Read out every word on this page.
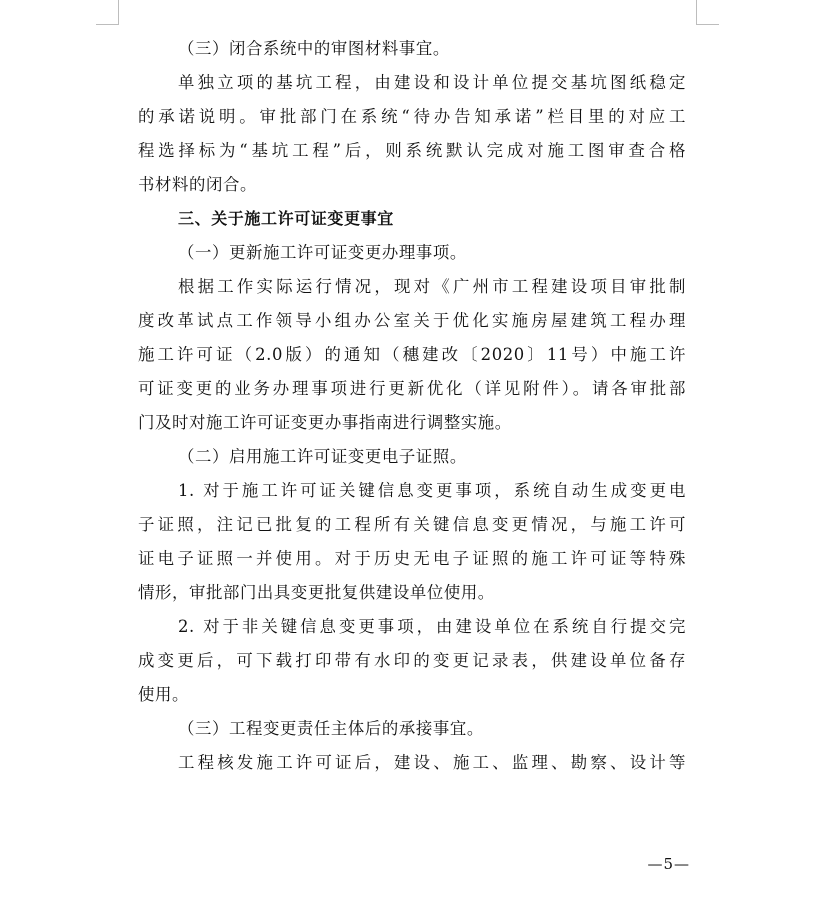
（三）闭合系统中的审图材料事宜。
单独立项的基坑工程，由建设和设计单位提交基坑图纸稳定
的承诺说明。审批部门在系统“待办告知承诺”栏目里的对应工
程选择标为“基坑工程”后，则系统默认完成对施工图审查合格
书材料的闭合。
三、关于施工许可证变更事宜
（一）更新施工许可证变更办理事项。
根据工作实际运行情况，现对《广州市工程建设项目审批制
度改革试点工作领导小组办公室关于优化实施房屋建筑工程办理
施工许可证（2.0版）的通知（穗建改〔2020〕11号）中施工许
可证变更的业务办理事项进行更新优化（详见附件）。请各审批部
门及时对施工许可证变更办事指南进行调整实施。
（二）启用施工许可证变更电子证照。
1. 对于施工许可证关键信息变更事项，系统自动生成变更电
子证照，注记已批复的工程所有关键信息变更情况，与施工许可
证电子证照一并使用。对于历史无电子证照的施工许可证等特殊
情形，审批部门出具变更批复供建设单位使用。
2. 对于非关键信息变更事项，由建设单位在系统自行提交完
成变更后，可下载打印带有水印的变更记录表，供建设单位备存
使用。
（三）工程变更责任主体后的承接事宜。
工程核发施工许可证后，建设、施工、监理、勘察、设计等
—5—
